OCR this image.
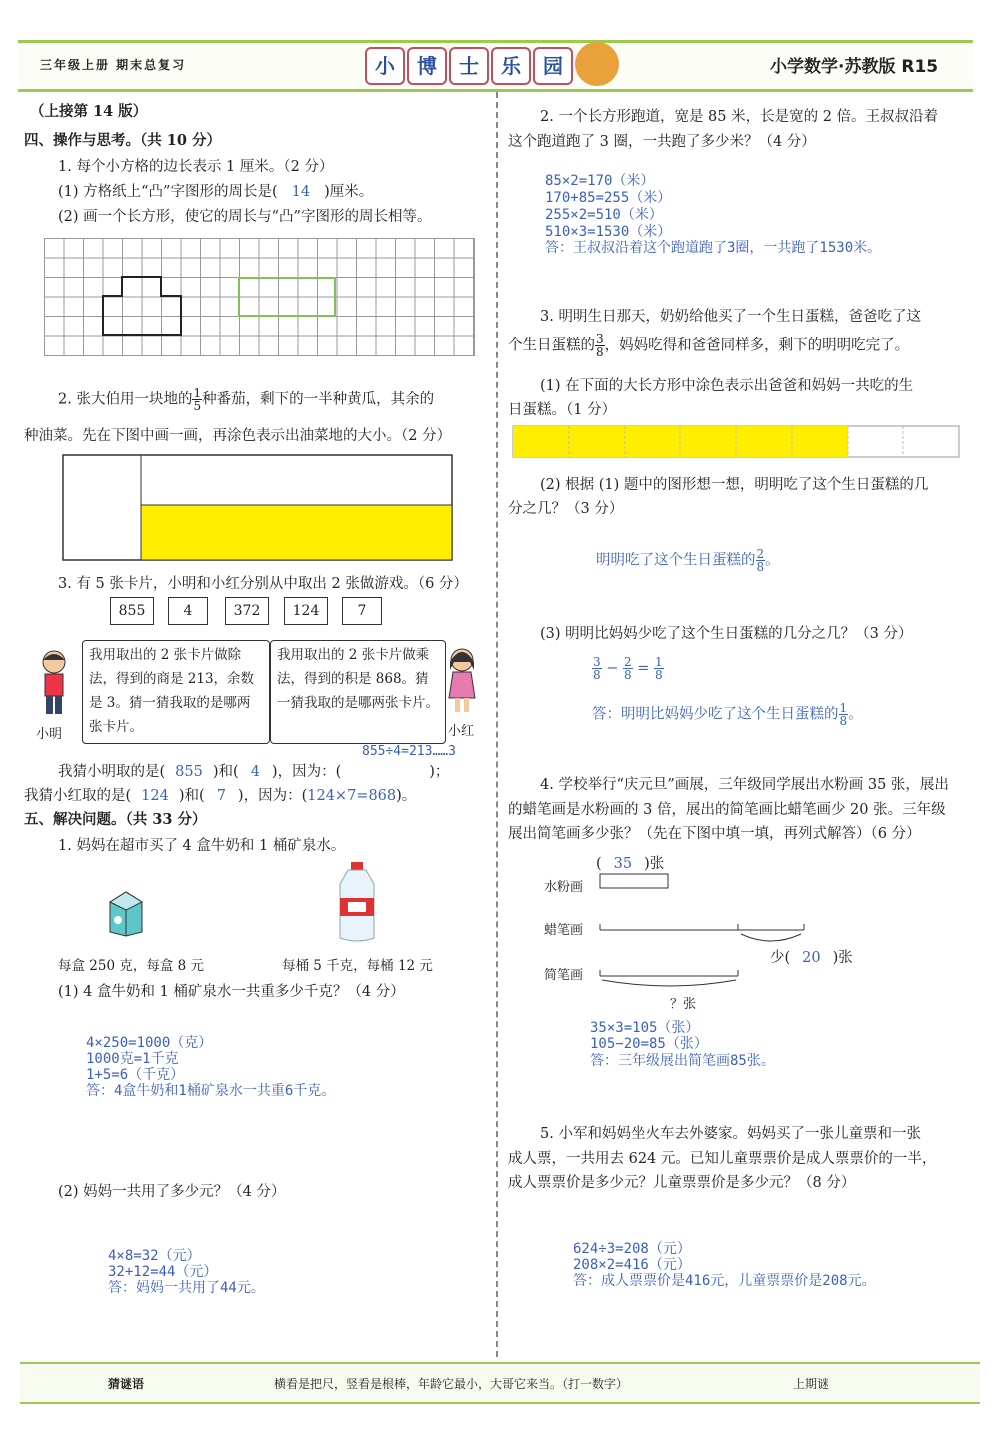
三年级上册 期末总复习	小	博	士	乐	园	小学数学·苏教版 R15
（上接第 14 版）
四、操作与思考。（共 10 分）
1. 每个小方格的边长表示 1 厘米。（2 分）
(1) 方格纸上“凸”字图形的周长是( 14 )厘米。
(2) 画一个长方形，使它的周长与“凸”字图形的周长相等。
2. 张大伯用一块地的 $\frac{1}{5}$ 种番茄，剩下的一半种黄瓜，其余的
种油菜。先在下图中画一画，再涂色表示出油菜地的大小。（2 分）
3. 有 5 张卡片，小明和小红分别从中取出 2 张做游戏。（6 分）
855	4	372	124	7
小明
我用取出的 2 张卡片做除法，得到的商是 213，余数是 3。猜一猜我取的是哪两张卡片。
我用取出的 2 张卡片做乘法，得到的积是 868。猜一猜我取的是哪两张卡片。
小红
855÷4=213……3
我猜小明取的是( 855 )和( 4 )，因为：(	)；
我猜小红取的是( 124 )和( 7 )，因为：(124×7=868)。
五、解决问题。（共 33 分）
1. 妈妈在超市买了 4 盒牛奶和 1 桶矿泉水。
每盒 250 克，每盒 8 元	每桶 5 千克，每桶 12 元
(1) 4 盒牛奶和 1 桶矿泉水一共重多少千克？（4 分）
4×250=1000（克）
1000克=1千克
1+5=6（千克）
答：4盒牛奶和1桶矿泉水一共重6千克。
(2) 妈妈一共用了多少元？（4 分）
4×8=32（元）
32+12=44（元）
答：妈妈一共用了44元。
2. 一个长方形跑道，宽是 85 米，长是宽的 2 倍。王叔叔沿着
这个跑道跑了 3 圈，一共跑了多少米？（4 分）
85×2=170（米）
170+85=255（米）
255×2=510（米）
510×3=1530（米）
答：王叔叔沿着这个跑道跑了3圈，一共跑了1530米。
3. 明明生日那天，奶奶给他买了一个生日蛋糕，爸爸吃了这
个生日蛋糕的 $\frac{3}{8}$ ，妈妈吃得和爸爸同样多，剩下的明明吃完了。
(1) 在下面的大长方形中涂色表示出爸爸和妈妈一共吃的生
日蛋糕。（1 分）
(2) 根据 (1) 题中的图形想一想，明明吃了这个生日蛋糕的几
分之几？（3 分）
明明吃了这个生日蛋糕的 $\frac{2}{8}$ 。
(3) 明明比妈妈少吃了这个生日蛋糕的几分之几？（3 分）
$\frac{3}{8} - \frac{2}{8} = \frac{1}{8}$
答：明明比妈妈少吃了这个生日蛋糕的 $\frac{1}{8}$ 。
4. 学校举行“庆元旦”画展，三年级同学展出水粉画 35 张，展出
的蜡笔画是水粉画的 3 倍，展出的简笔画比蜡笔画少 20 张。三年级
展出简笔画多少张？（先在下图中填一填，再列式解答）（6 分）
( 35 )张
水粉画
蜡笔画
简笔画
少( 20 )张
？张
35×3=105（张）
105−20=85（张）
答：三年级展出简笔画85张。
5. 小军和妈妈坐火车去外婆家。妈妈买了一张儿童票和一张
成人票，一共用去 624 元。已知儿童票票价是成人票票价的一半，
成人票票价是多少元？儿童票票价是多少元？（8 分）
624÷3=208（元）
208×2=416（元）
答：成人票票价是416元，儿童票票价是208元。
猜谜语	横看是把尺，竖看是根棒，年龄它最小，大哥它来当。（打一数字）	上期谜
